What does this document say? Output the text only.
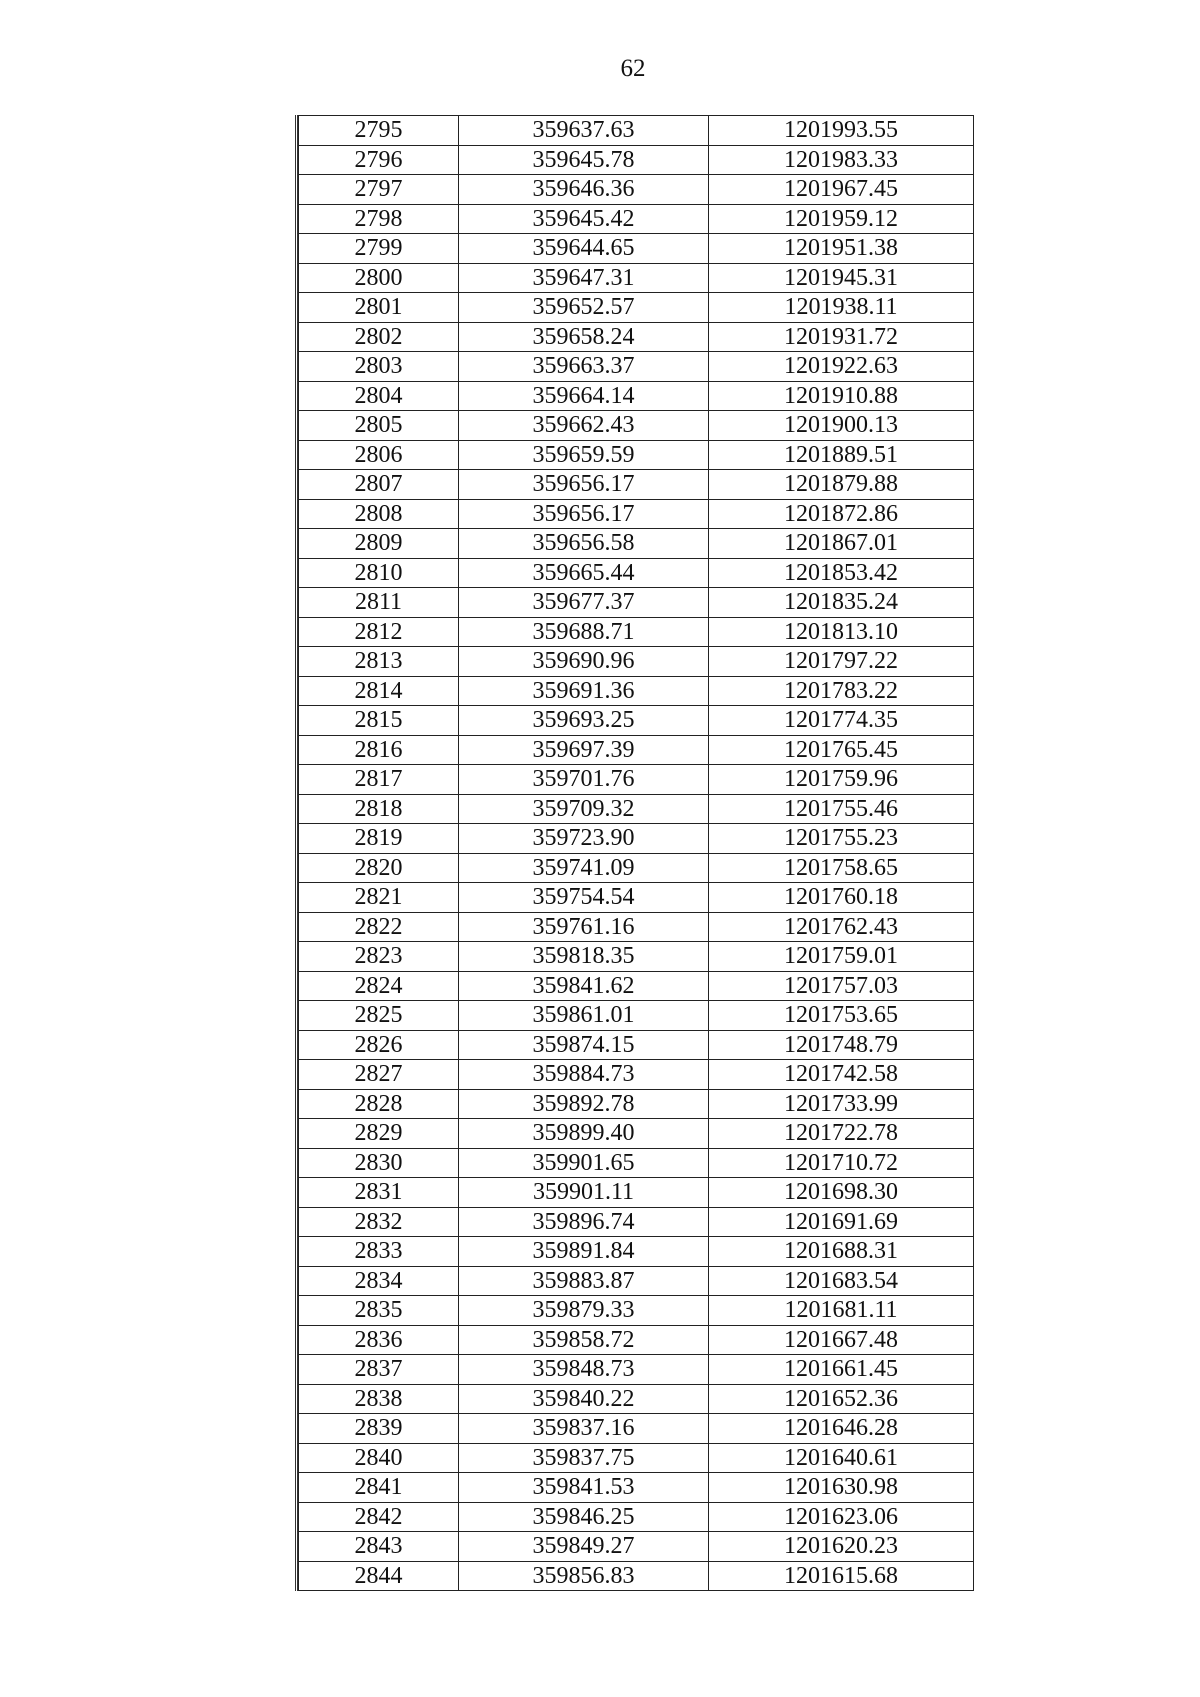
62
2795	359637.63	1201993.55
2796	359645.78	1201983.33
2797	359646.36	1201967.45
2798	359645.42	1201959.12
2799	359644.65	1201951.38
2800	359647.31	1201945.31
2801	359652.57	1201938.11
2802	359658.24	1201931.72
2803	359663.37	1201922.63
2804	359664.14	1201910.88
2805	359662.43	1201900.13
2806	359659.59	1201889.51
2807	359656.17	1201879.88
2808	359656.17	1201872.86
2809	359656.58	1201867.01
2810	359665.44	1201853.42
2811	359677.37	1201835.24
2812	359688.71	1201813.10
2813	359690.96	1201797.22
2814	359691.36	1201783.22
2815	359693.25	1201774.35
2816	359697.39	1201765.45
2817	359701.76	1201759.96
2818	359709.32	1201755.46
2819	359723.90	1201755.23
2820	359741.09	1201758.65
2821	359754.54	1201760.18
2822	359761.16	1201762.43
2823	359818.35	1201759.01
2824	359841.62	1201757.03
2825	359861.01	1201753.65
2826	359874.15	1201748.79
2827	359884.73	1201742.58
2828	359892.78	1201733.99
2829	359899.40	1201722.78
2830	359901.65	1201710.72
2831	359901.11	1201698.30
2832	359896.74	1201691.69
2833	359891.84	1201688.31
2834	359883.87	1201683.54
2835	359879.33	1201681.11
2836	359858.72	1201667.48
2837	359848.73	1201661.45
2838	359840.22	1201652.36
2839	359837.16	1201646.28
2840	359837.75	1201640.61
2841	359841.53	1201630.98
2842	359846.25	1201623.06
2843	359849.27	1201620.23
2844	359856.83	1201615.68
